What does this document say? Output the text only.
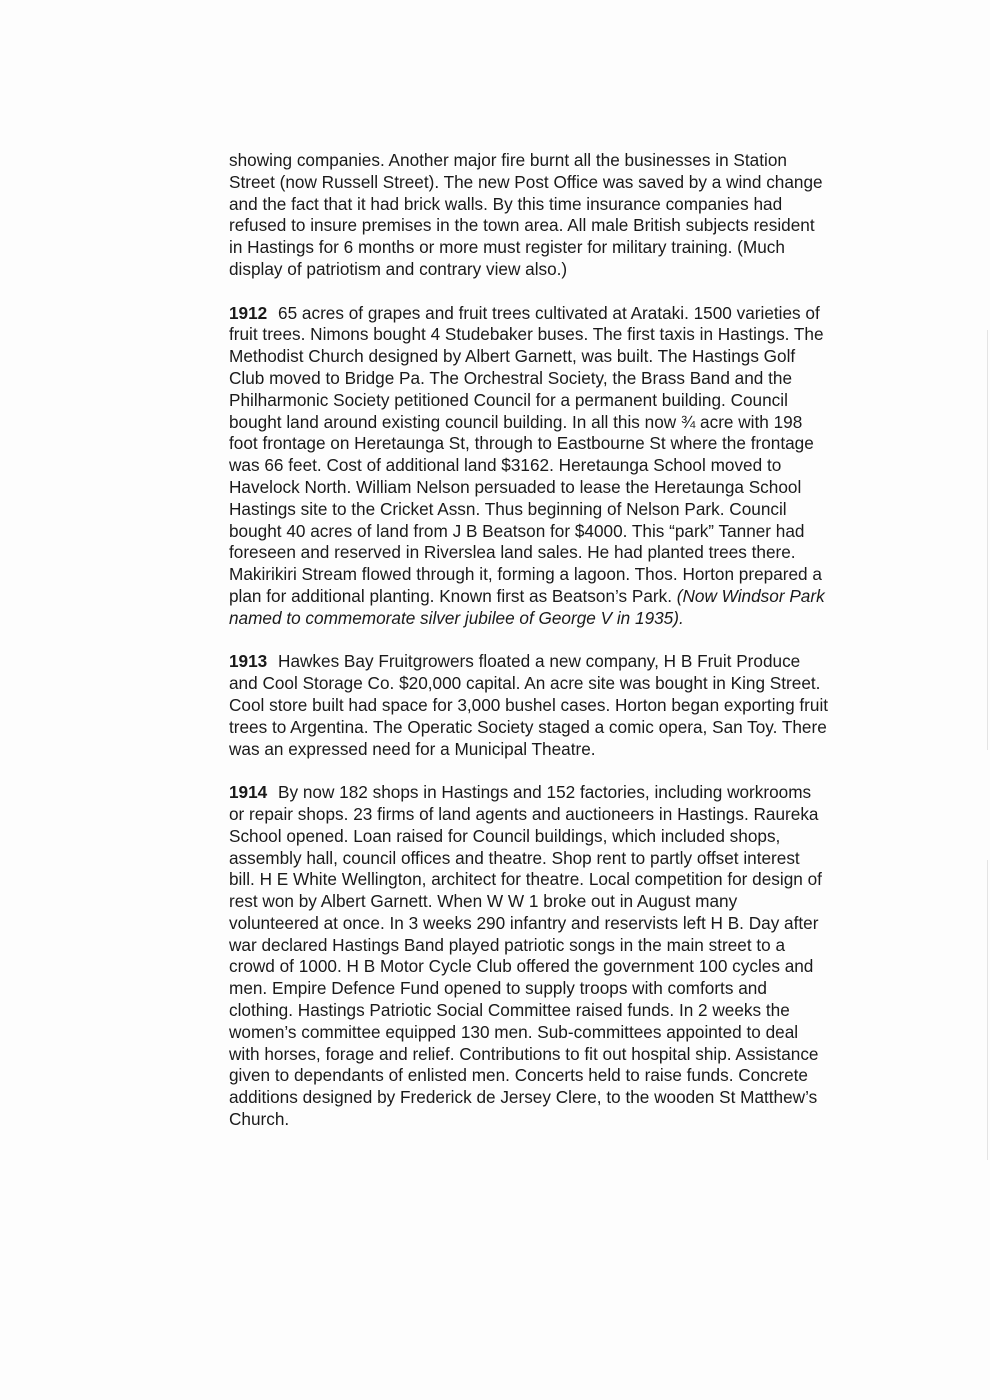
showing companies. Another major fire burnt all the businesses in Station Street (now Russell Street). The new Post Office was saved by a wind change and the fact that it had brick walls. By this time insurance companies had refused to insure premises in the town area. All male British subjects resident in Hastings for 6 months or more must register for military training. (Much display of patriotism and contrary view also.)

1912 65 acres of grapes and fruit trees cultivated at Arataki. 1500 varieties of fruit trees. Nimons bought 4 Studebaker buses. The first taxis in Hastings. The Methodist Church designed by Albert Garnett, was built. The Hastings Golf Club moved to Bridge Pa. The Orchestral Society, the Brass Band and the Philharmonic Society petitioned Council for a permanent building. Council bought land around existing council building. In all this now ¾ acre with 198 foot frontage on Heretaunga St, through to Eastbourne St where the frontage was 66 feet. Cost of additional land $3162. Heretaunga School moved to Havelock North. William Nelson persuaded to lease the Heretaunga School Hastings site to the Cricket Assn. Thus beginning of Nelson Park. Council bought 40 acres of land from J B Beatson for $4000. This “park” Tanner had foreseen and reserved in Riverslea land sales. He had planted trees there. Makirikiri Stream flowed through it, forming a lagoon. Thos. Horton prepared a plan for additional planting. Known first as Beatson’s Park. (Now Windsor Park named to commemorate silver jubilee of George V in 1935).

1913 Hawkes Bay Fruitgrowers floated a new company, H B Fruit Produce and Cool Storage Co. $20,000 capital. An acre site was bought in King Street. Cool store built had space for 3,000 bushel cases. Horton began exporting fruit trees to Argentina. The Operatic Society staged a comic opera, San Toy. There was an expressed need for a Municipal Theatre.

1914 By now 182 shops in Hastings and 152 factories, including workrooms or repair shops. 23 firms of land agents and auctioneers in Hastings. Raureka School opened. Loan raised for Council buildings, which included shops, assembly hall, council offices and theatre. Shop rent to partly offset interest bill. H E White Wellington, architect for theatre. Local competition for design of rest won by Albert Garnett. When W W 1 broke out in August many volunteered at once. In 3 weeks 290 infantry and reservists left H B. Day after war declared Hastings Band played patriotic songs in the main street to a crowd of 1000. H B Motor Cycle Club offered the government 100 cycles and men. Empire Defence Fund opened to supply troops with comforts and clothing. Hastings Patriotic Social Committee raised funds. In 2 weeks the women’s committee equipped 130 men. Sub-committees appointed to deal with horses, forage and relief. Contributions to fit out hospital ship. Assistance given to dependants of enlisted men. Concerts held to raise funds. Concrete additions designed by Frederick de Jersey Clere, to the wooden St Matthew’s Church.
